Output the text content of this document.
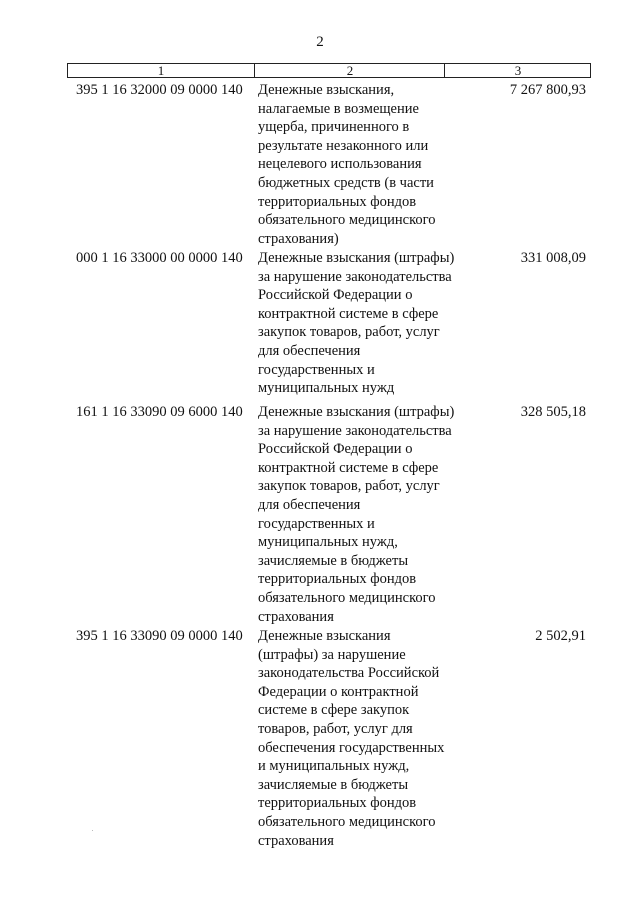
2
1	2	3
395 1 16 32000 09 0000 140	Денежные взыскания,
налагаемые в возмещение
ущерба, причиненного в
результате незаконного или
нецелевого использования
бюджетных средств (в части
территориальных фондов
обязательного медицинского
страхования)
7 267 800,93
000 1 16 33000 00 0000 140	Денежные взыскания (штрафы)
за нарушение законодательства
Российской Федерации о
контрактной системе в сфере
закупок товаров, работ, услуг
для обеспечения
государственных и
муниципальных нужд
331 008,09
161 1 16 33090 09 6000 140	Денежные взыскания (штрафы)
за нарушение законодательства
Российской Федерации о
контрактной системе в сфере
закупок товаров, работ, услуг
для обеспечения
государственных и
муниципальных нужд,
зачисляемые в бюджеты
территориальных фондов
обязательного медицинского
страхования
328 505,18
395 1 16 33090 09 0000 140	Денежные взыскания
(штрафы) за нарушение
законодательства Российской
Федерации о контрактной
системе в сфере закупок
товаров, работ, услуг для
обеспечения государственных
и муниципальных нужд,
зачисляемые в бюджеты
территориальных фондов
обязательного медицинского
страхования
2 502,91
